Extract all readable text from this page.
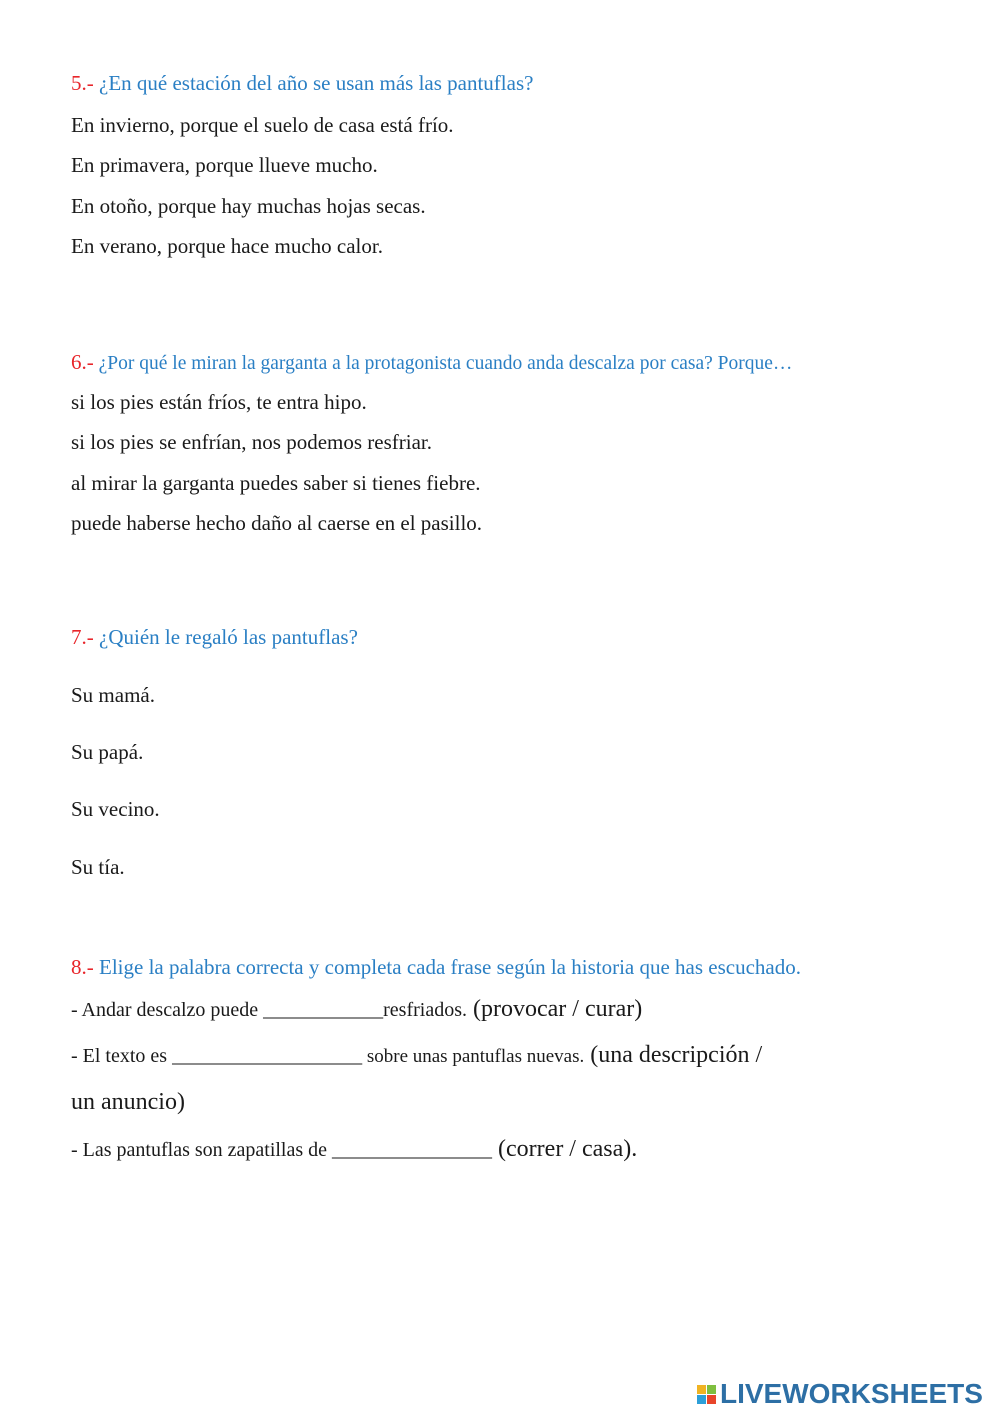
5.- ¿En qué estación del año se usan más las pantuflas?
En invierno, porque el suelo de casa está frío.
En primavera, porque llueve mucho.
En otoño, porque hay muchas hojas secas.
En verano, porque hace mucho calor.
6.- ¿Por qué le miran la garganta a la protagonista cuando anda descalza por casa? Porque…
si los pies están fríos, te entra hipo.
si los pies se enfrían, nos podemos resfriar.
al mirar la garganta puedes saber si tienes fiebre.
puede haberse hecho daño al caerse en el pasillo.
7.- ¿Quién le regaló las pantuflas?
Su mamá.
Su papá.
Su vecino.
Su tía.
8.- Elige la palabra correcta y completa cada frase según la historia que has escuchado.
- Andar descalzo puede ____________resfriados. (provocar / curar)
- El texto es ___________________ sobre unas pantuflas nuevas. (una descripción /
un anuncio)
- Las pantuflas son zapatillas de ________________ (correr / casa).
LIVEWORKSHEETS
